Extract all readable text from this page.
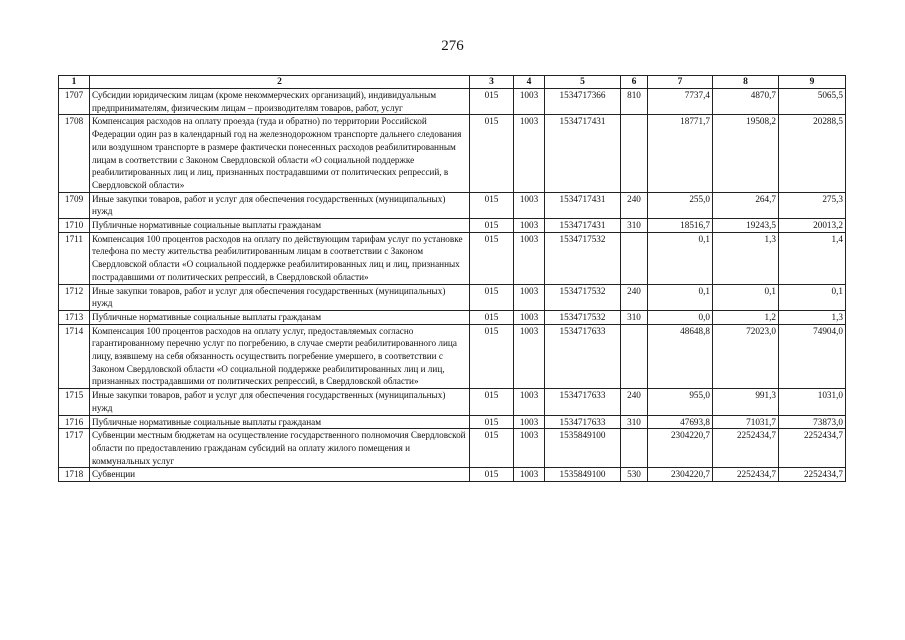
276
1	2	3	4	5	6	7	8	9
1707	Субсидии юридическим лицам (кроме некоммерческих организаций), индивидуальным предпринимателям, физическим лицам – производителям товаров, работ, услуг	015	1003	1534717366	810	7737,4	4870,7	5065,5
1708	Компенсация расходов на оплату проезда (туда и обратно) по территории Российской Федерации один раз в календарный год на железнодорожном транспорте дальнего следования или воздушном транспорте в размере фактически понесенных расходов реабилитированным лицам в соответствии с Законом Свердловской области «О социальной поддержке реабилитированных лиц и лиц, признанных пострадавшими от политических репрессий, в Свердловской области»	015	1003	1534717431		18771,7	19508,2	20288,5
1709	Иные закупки товаров, работ и услуг для обеспечения государственных (муниципальных) нужд	015	1003	1534717431	240	255,0	264,7	275,3
1710	Публичные нормативные социальные выплаты гражданам	015	1003	1534717431	310	18516,7	19243,5	20013,2
1711	Компенсация 100 процентов расходов на оплату по действующим тарифам услуг по установке телефона по месту жительства реабилитированным лицам в соответствии с Законом Свердловской области «О социальной поддержке реабилитированных лиц и лиц, признанных пострадавшими от политических репрессий, в Свердловской области»	015	1003	1534717532		0,1	1,3	1,4
1712	Иные закупки товаров, работ и услуг для обеспечения государственных (муниципальных) нужд	015	1003	1534717532	240	0,1	0,1	0,1
1713	Публичные нормативные социальные выплаты гражданам	015	1003	1534717532	310	0,0	1,2	1,3
1714	Компенсация 100 процентов расходов на оплату услуг, предоставляемых согласно гарантированному перечню услуг по погребению, в случае смерти реабилитированного лица лицу, взявшему на себя обязанность осуществить погребение умершего, в соответствии с Законом Свердловской области «О социальной поддержке реабилитированных лиц и лиц, признанных пострадавшими от политических репрессий, в Свердловской области»	015	1003	1534717633		48648,8	72023,0	74904,0
1715	Иные закупки товаров, работ и услуг для обеспечения государственных (муниципальных) нужд	015	1003	1534717633	240	955,0	991,3	1031,0
1716	Публичные нормативные социальные выплаты гражданам	015	1003	1534717633	310	47693,8	71031,7	73873,0
1717	Субвенции местным бюджетам на осуществление государственного полномочия Свердловской области по предоставлению гражданам субсидий на оплату жилого помещения и коммунальных услуг	015	1003	1535849100		2304220,7	2252434,7	2252434,7
1718	Субвенции	015	1003	1535849100	530	2304220,7	2252434,7	2252434,7
